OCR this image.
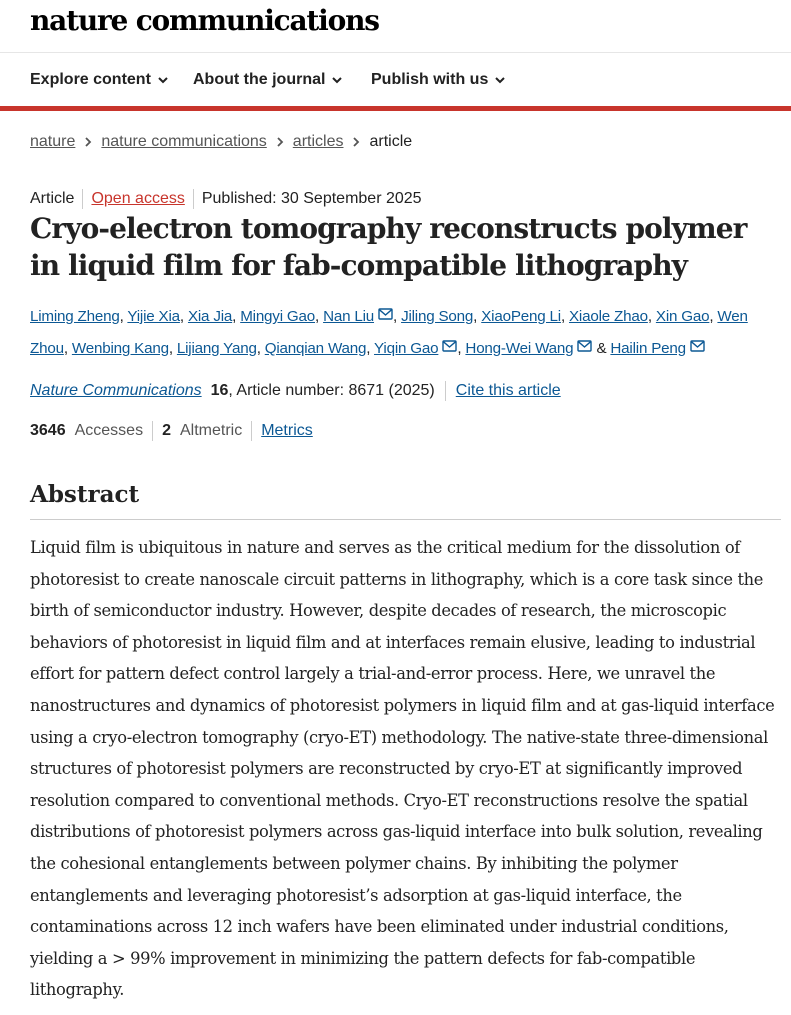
nature communications
Explore content	About the journal	Publish with us
nature nature communications articles article
Article Open access Published: 30 September 2025
Cryo-electron tomography reconstructs polymer in liquid film for fab-compatible lithography
Liming Zheng, Yijie Xia, Xia Jia, Mingyi Gao, Nan Liu , Jiling Song, XiaoPeng Li, Xiaole Zhao, Xin Gao, Wen Zhou, Wenbing Kang, Lijiang Yang, Qianqian Wang, Yiqin Gao , Hong-Wei Wang & Hailin Peng
Nature Communications 16 , Article number: 8671 (2025) Cite this article
3646 Accesses 2 Altmetric Metrics
Abstract

Liquid film is ubiquitous in nature and serves as the critical medium for the dissolution of photoresist to create nanoscale circuit patterns in lithography, which is a core task since the birth of semiconductor industry. However, despite decades of research, the microscopic behaviors of photoresist in liquid film and at interfaces remain elusive, leading to industrial effort for pattern defect control largely a trial-and-error process. Here, we unravel the nanostructures and dynamics of photoresist polymers in liquid film and at gas-liquid interface using a cryo-electron tomography (cryo-ET) methodology. The native-state three-dimensional structures of photoresist polymers are reconstructed by cryo-ET at significantly improved resolution compared to conventional methods. Cryo-ET reconstructions resolve the spatial distributions of photoresist polymers across gas-liquid interface into bulk solution, revealing the cohesional entanglements between polymer chains. By inhibiting the polymer entanglements and leveraging photoresist’s adsorption at gas-liquid interface, the contaminations across 12 inch wafers have been eliminated under industrial conditions, yielding a > 99% improvement in minimizing the pattern defects for fab-compatible lithography.
